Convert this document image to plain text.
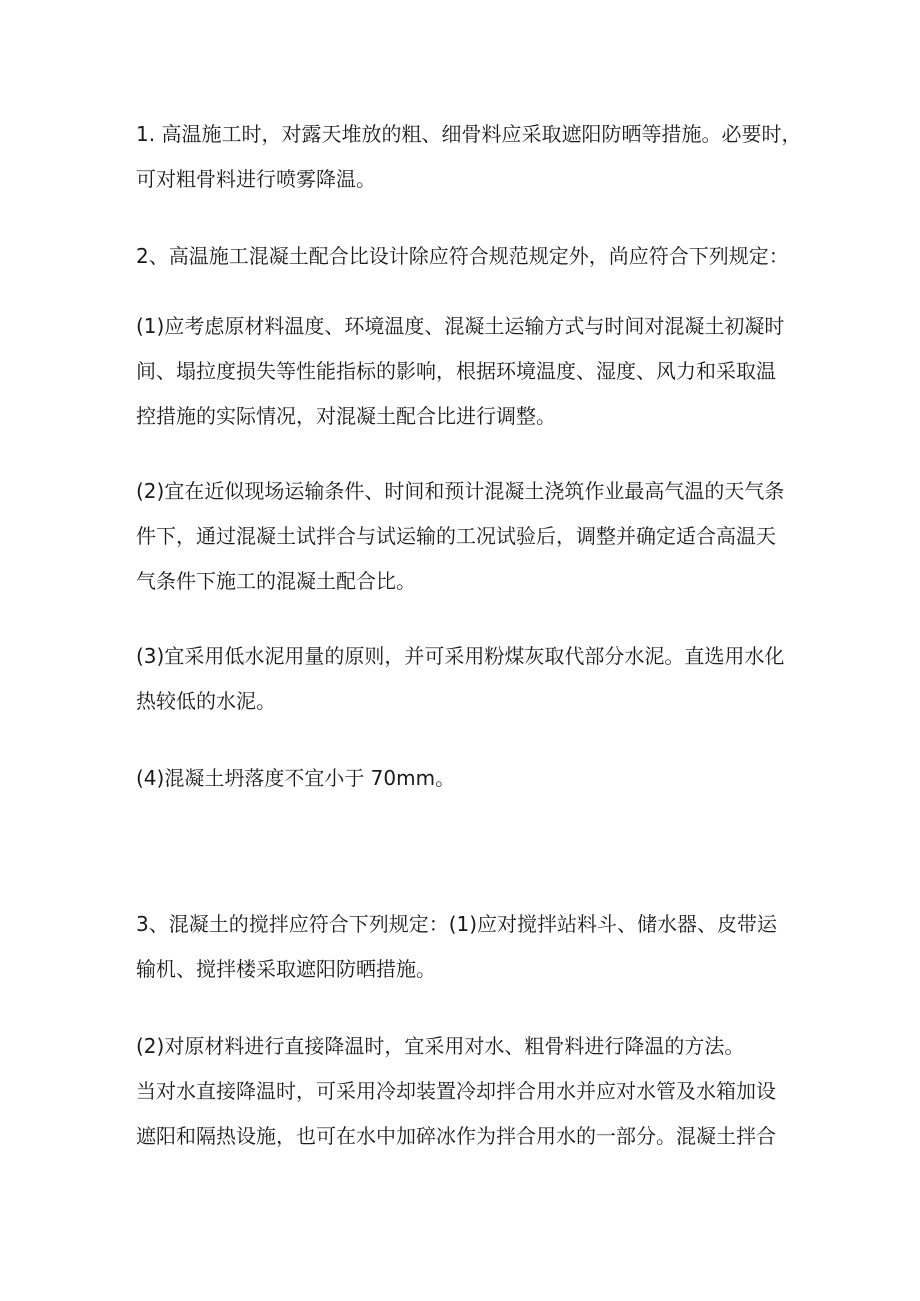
1. 高温施工时，对露天堆放的粗、细骨料应采取遮阳防晒等措施。必要时，
可对粗骨料进行喷雾降温。

2、高温施工混凝土配合比设计除应符合规范规定外，尚应符合下列规定：

(1)应考虑原材料温度、环境温度、混凝土运输方式与时间对混凝土初凝时
间、塌拉度损失等性能指标的影响，根据环境温度、湿度、风力和采取温
控措施的实际情况，对混凝土配合比进行调整。

(2)宜在近似现场运输条件、时间和预计混凝土浇筑作业最高气温的天气条
件下，通过混凝土试拌合与试运输的工况试验后，调整并确定适合高温天
气条件下施工的混凝土配合比。

(3)宜采用低水泥用量的原则，并可采用粉煤灰取代部分水泥。直选用水化
热较低的水泥。

(4)混凝土坍落度不宜小于 70mm。

3、混凝土的搅拌应符合下列规定：(1)应对搅拌站料斗、储水器、皮带运
输机、搅拌楼采取遮阳防晒措施。

(2)对原材料进行直接降温时，宜采用对水、粗骨料进行降温的方法。
当对水直接降温时，可采用冷却装置冷却拌合用水并应对水管及水箱加设
遮阳和隔热设施，也可在水中加碎冰作为拌合用水的一部分。混凝土拌合
